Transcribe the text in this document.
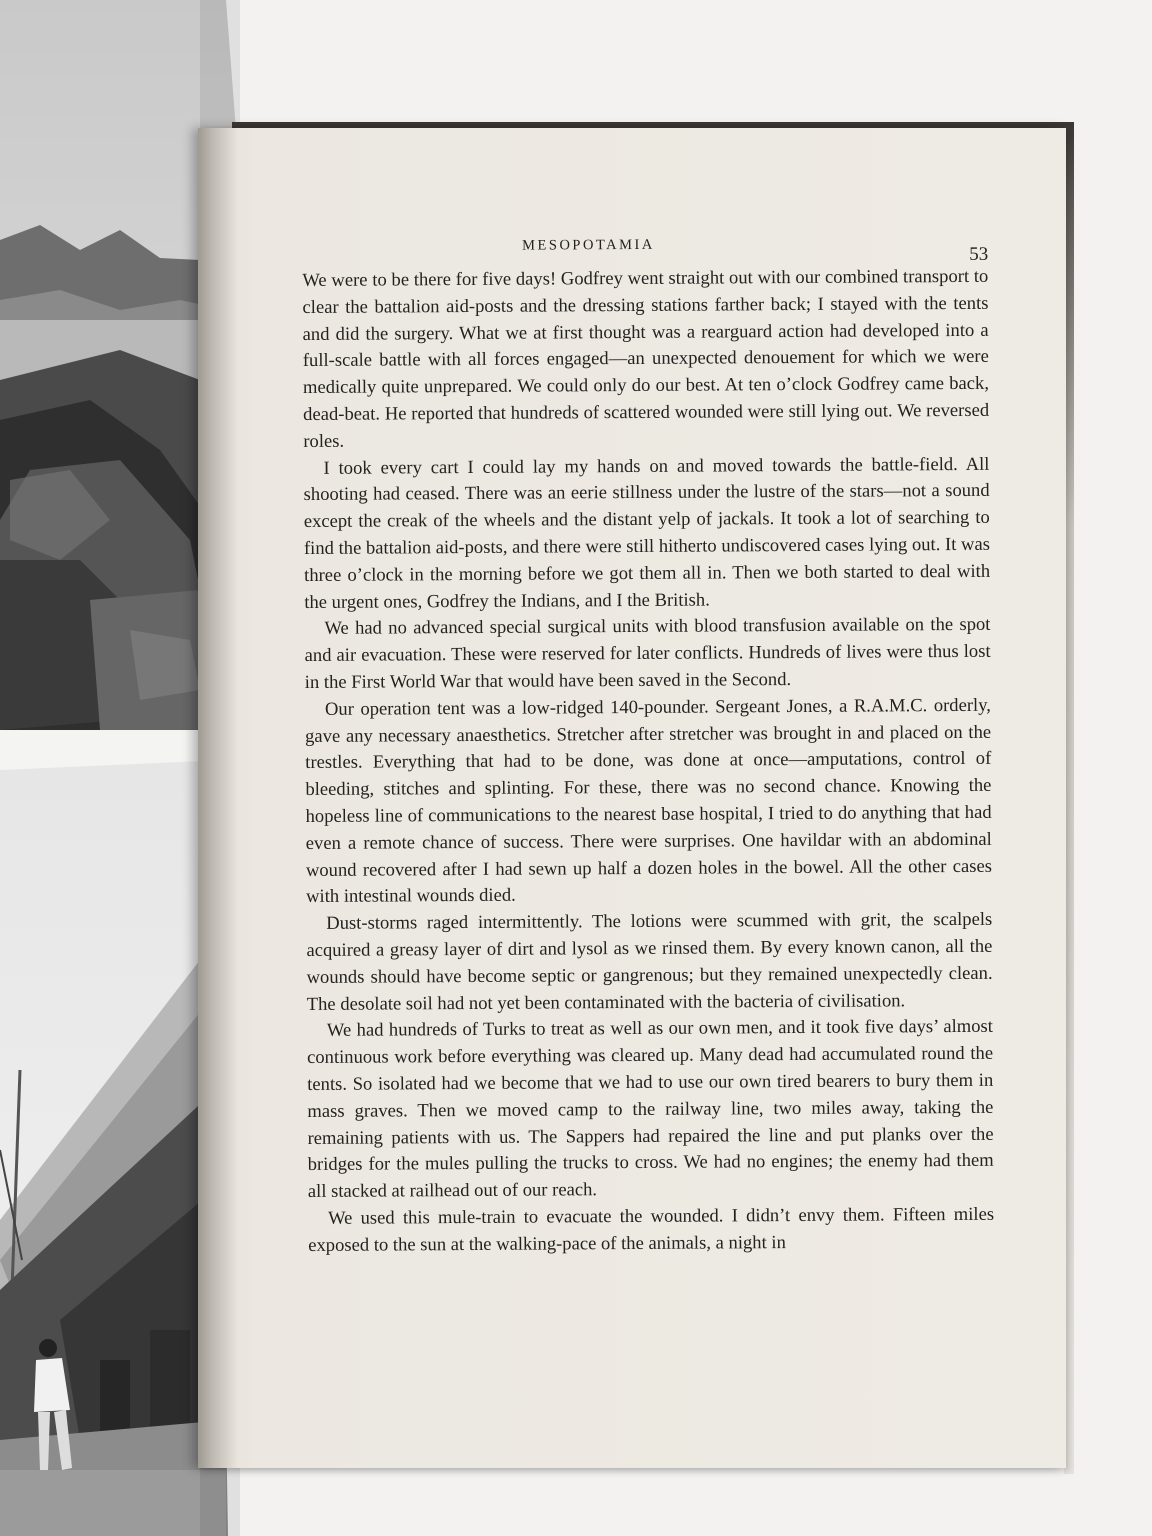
MESOPOTAMIA	53

We were to be there for five days! Godfrey went straight out with our combined transport to clear the battalion aid-posts and the dressing stations farther back; I stayed with the tents and did the surgery. What we at first thought was a rearguard action had developed into a full-scale battle with all forces engaged—an unexpected denouement for which we were medically quite unprepared. We could only do our best. At ten o’clock Godfrey came back, dead-beat. He reported that hundreds of scattered wounded were still lying out. We reversed roles.

I took every cart I could lay my hands on and moved towards the battle-field. All shooting had ceased. There was an eerie stillness under the lustre of the stars—not a sound except the creak of the wheels and the distant yelp of jackals. It took a lot of searching to find the battalion aid-posts, and there were still hitherto undiscovered cases lying out. It was three o’clock in the morning before we got them all in. Then we both started to deal with the urgent ones, Godfrey the Indians, and I the British.

We had no advanced special surgical units with blood transfusion available on the spot and air evacuation. These were reserved for later conflicts. Hundreds of lives were thus lost in the First World War that would have been saved in the Second.

Our operation tent was a low-ridged 140-pounder. Sergeant Jones, a R.A.M.C. orderly, gave any necessary anaesthetics. Stretcher after stretcher was brought in and placed on the trestles. Everything that had to be done, was done at once—amputations, control of bleeding, stitches and splinting. For these, there was no second chance. Knowing the hopeless line of communications to the nearest base hospital, I tried to do anything that had even a remote chance of success. There were surprises. One havildar with an abdominal wound recovered after I had sewn up half a dozen holes in the bowel. All the other cases with intestinal wounds died.

Dust-storms raged intermittently. The lotions were scummed with grit, the scalpels acquired a greasy layer of dirt and lysol as we rinsed them. By every known canon, all the wounds should have become septic or gangrenous; but they remained unexpectedly clean. The desolate soil had not yet been contaminated with the bacteria of civilisation.

We had hundreds of Turks to treat as well as our own men, and it took five days’ almost continuous work before everything was cleared up. Many dead had accumulated round the tents. So isolated had we become that we had to use our own tired bearers to bury them in mass graves. Then we moved camp to the railway line, two miles away, taking the remaining patients with us. The Sappers had repaired the line and put planks over the bridges for the mules pulling the trucks to cross. We had no engines; the enemy had them all stacked at railhead out of our reach.

We used this mule-train to evacuate the wounded. I didn’t envy them. Fifteen miles exposed to the sun at the walking-pace of the animals, a night in
